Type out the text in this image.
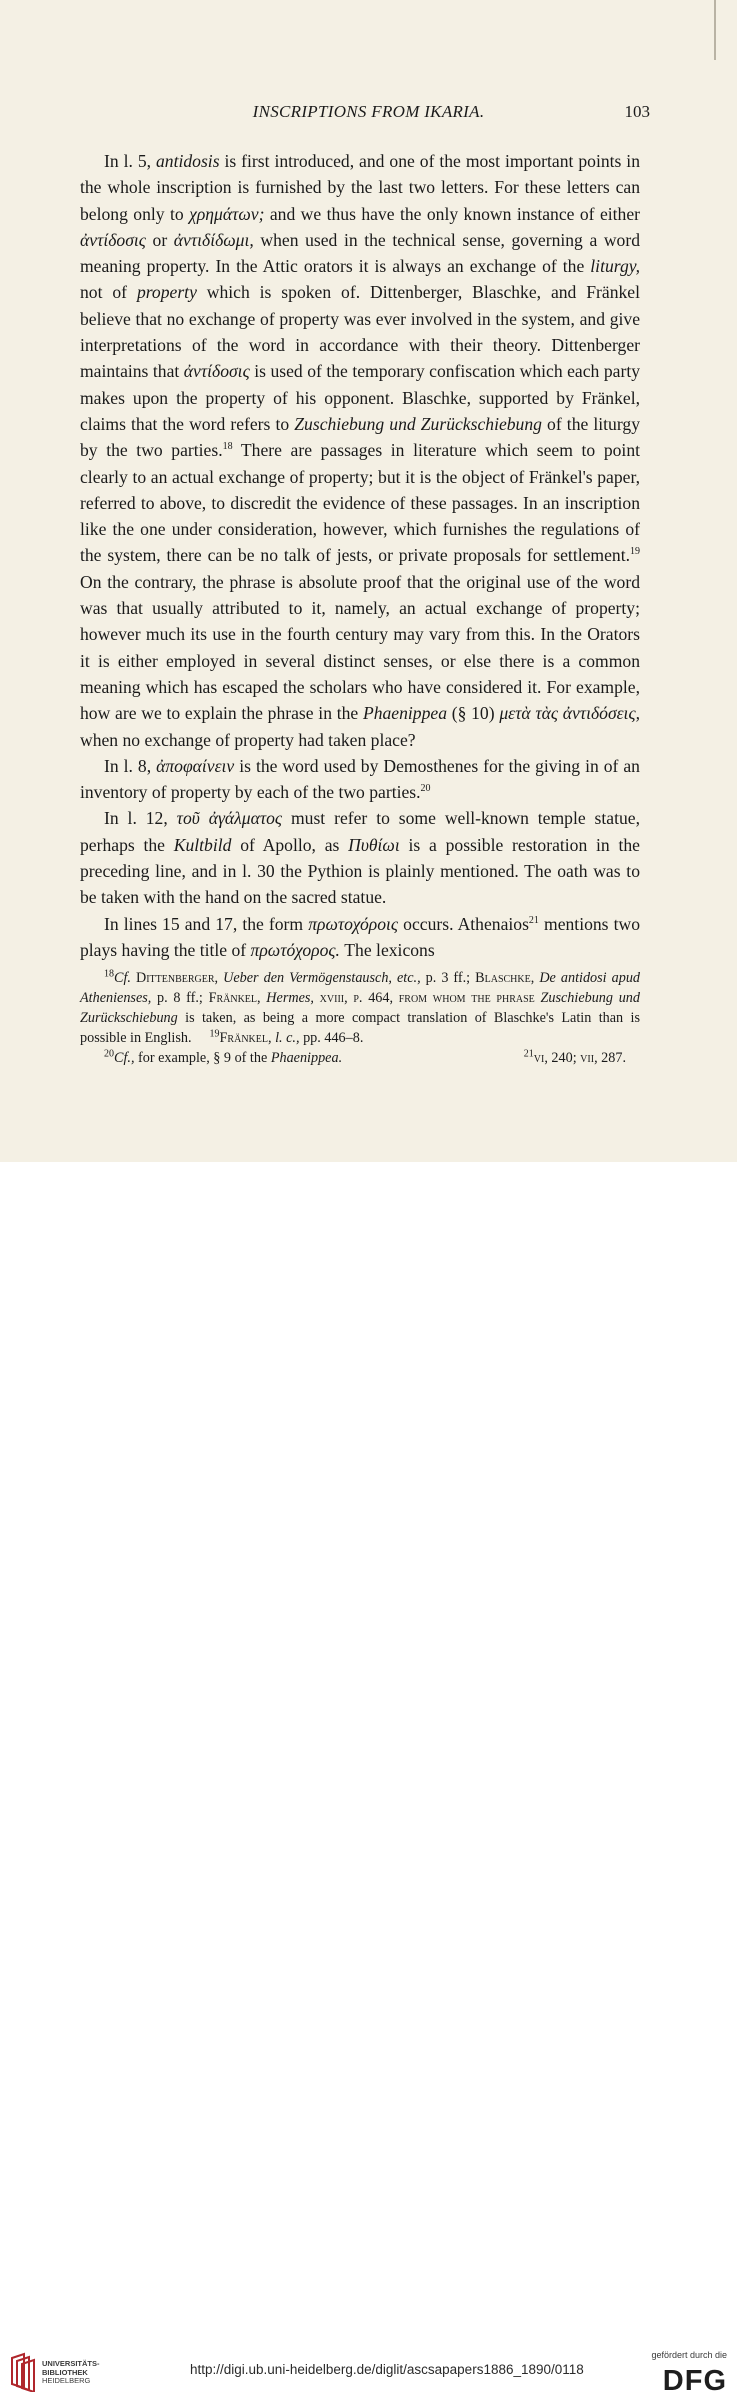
INSCRIPTIONS FROM IKARIA.	103

In l. 5, antidosis is first introduced, and one of the most important points in the whole inscription is furnished by the last two letters. For these letters can belong only to χρημάτων; and we thus have the only known instance of either ἀντίδοσις or ἀντιδίδωμι, when used in the technical sense, governing a word meaning property. In the Attic orators it is always an exchange of the liturgy, not of property which is spoken of. Dittenberger, Blaschke, and Fränkel believe that no exchange of property was ever involved in the system, and give interpretations of the word in accordance with their theory. Dittenberger maintains that ἀντίδοσις is used of the temporary confiscation which each party makes upon the property of his opponent. Blaschke, supported by Fränkel, claims that the word refers to Zuschiebung und Zurückschiebung of the liturgy by the two parties.$^{18}$ There are passages in literature which seem to point clearly to an actual exchange of property; but it is the object of Fränkel's paper, referred to above, to discredit the evidence of these passages. In an inscription like the one under consideration, however, which furnishes the regulations of the system, there can be no talk of jests, or private proposals for settlement.$^{19}$ On the contrary, the phrase is absolute proof that the original use of the word was that usually attributed to it, namely, an actual exchange of property; however much its use in the fourth century may vary from this. In the Orators it is either employed in several distinct senses, or else there is a common meaning which has escaped the scholars who have considered it. For example, how are we to explain the phrase in the Phaenippea (§ 10) μετὰ τὰς ἀντιδόσεις, when no exchange of property had taken place?

In l. 8, ἀποφαίνειν is the word used by Demosthenes for the giving in of an inventory of property by each of the two parties.$^{20}$

In l. 12, τοῦ ἀγάλματος must refer to some well-known temple statue, perhaps the Kultbild of Apollo, as Πυθίωι is a possible restoration in the preceding line, and in l. 30 the Pythion is plainly mentioned. The oath was to be taken with the hand on the sacred statue.

In lines 15 and 17, the form πρωτοχόροις occurs. Athenaios$^{21}$ mentions two plays having the title of πρωτόχορος. The lexicons

$^{18}$Cf. Dittenberger, Ueber den Vermögenstausch, etc., p. 3 ff.; Blaschke, De antidosi apud Athenienses, p. 8 ff.; Fränkel, Hermes, xviii, p. 464, from whom the phrase Zuschiebung und Zurückschiebung is taken, as being a more compact translation of Blaschke's Latin than is possible in English. $^{19}$Fränkel, l. c., pp. 446–8.

$^{20}$Cf., for example, § 9 of the Phaenippea.	$^{21}$vi, 240; vii, 287.
UNIVERSITÄTS-
BIBLIOTHEK
HEIDELBERG
http://digi.ub.uni-heidelberg.de/diglit/ascsapapers1886_1890/0118
gefördert durch die
DFG
